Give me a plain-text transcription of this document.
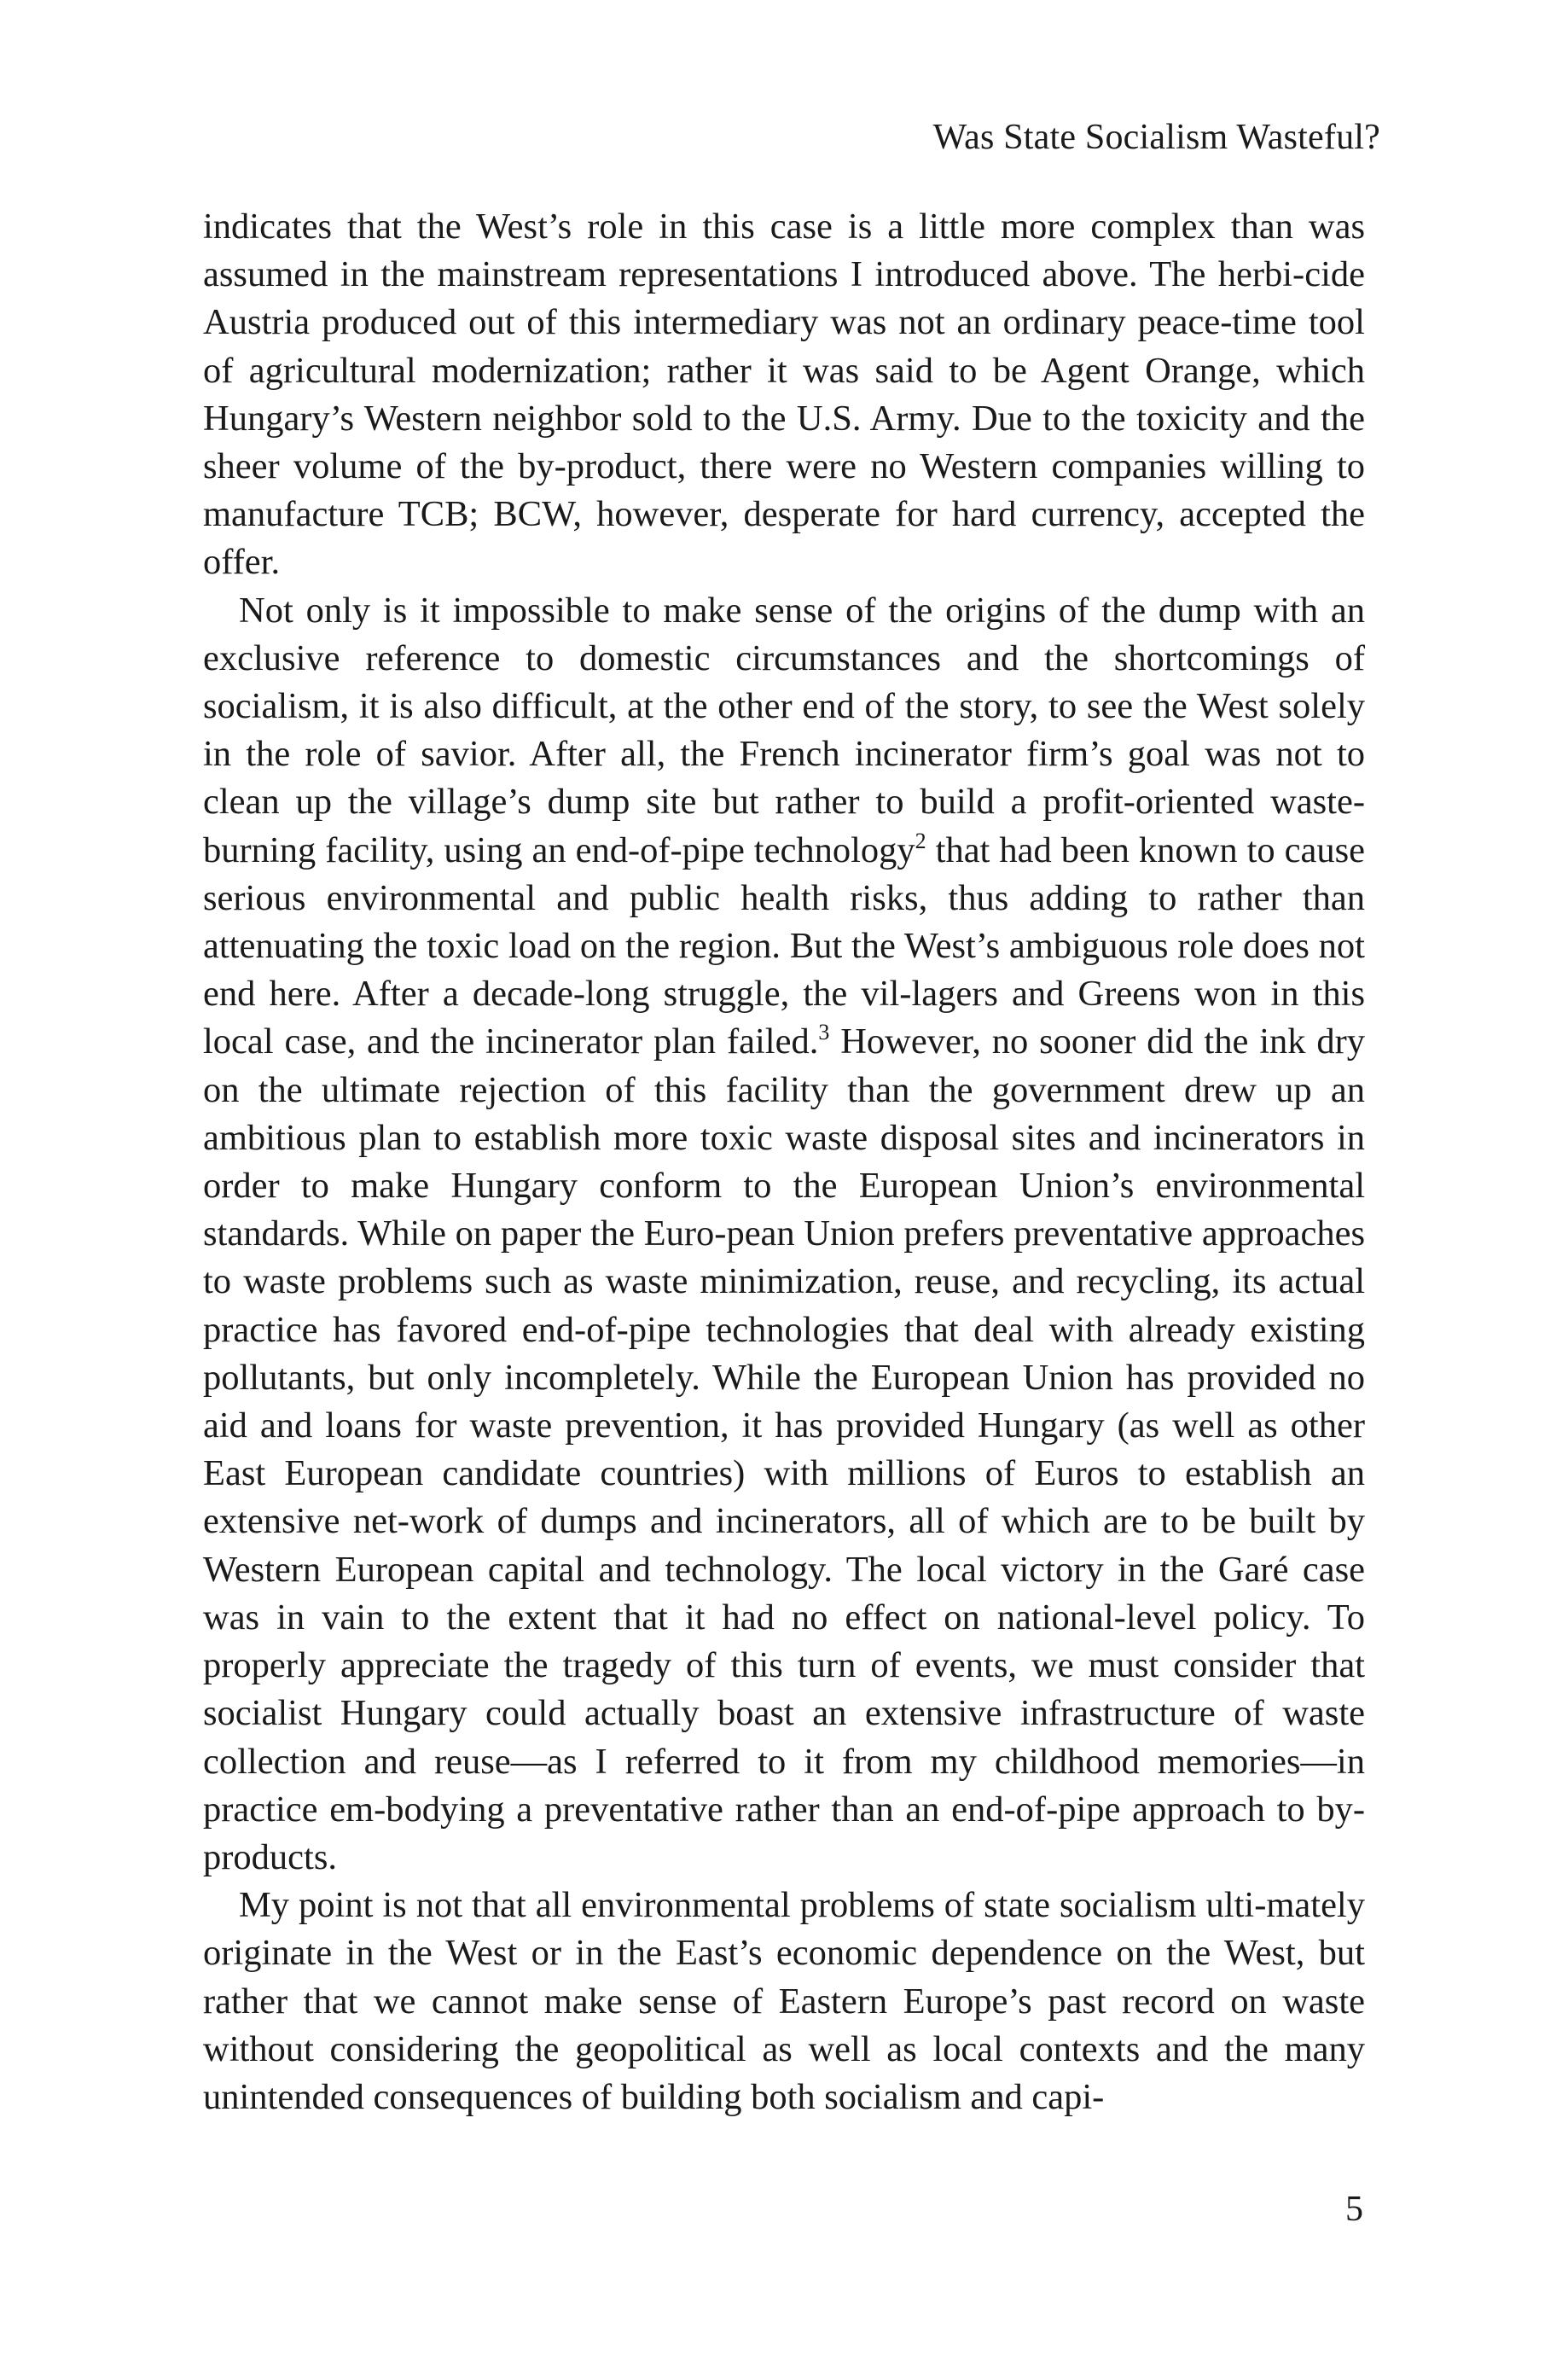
Was State Socialism Wasteful?

indicates that the West’s role in this case is a little more complex than was assumed in the mainstream representations I introduced above. The herbi-cide Austria produced out of this intermediary was not an ordinary peace-time tool of agricultural modernization; rather it was said to be Agent Orange, which Hungary’s Western neighbor sold to the U.S. Army. Due to the toxicity and the sheer volume of the by-product, there were no Western companies willing to manufacture TCB; BCW, however, desperate for hard currency, accepted the offer.

Not only is it impossible to make sense of the origins of the dump with an exclusive reference to domestic circumstances and the shortcomings of socialism, it is also difficult, at the other end of the story, to see the West solely in the role of savior. After all, the French incinerator firm’s goal was not to clean up the village’s dump site but rather to build a profit-oriented waste-burning facility, using an end-of-pipe technology$^2$ that had been known to cause serious environmental and public health risks, thus adding to rather than attenuating the toxic load on the region. But the West’s ambiguous role does not end here. After a decade-long struggle, the vil-lagers and Greens won in this local case, and the incinerator plan failed.$^3$ However, no sooner did the ink dry on the ultimate rejection of this facility than the government drew up an ambitious plan to establish more toxic waste disposal sites and incinerators in order to make Hungary conform to the European Union’s environmental standards. While on paper the Euro-pean Union prefers preventative approaches to waste problems such as waste minimization, reuse, and recycling, its actual practice has favored end-of-pipe technologies that deal with already existing pollutants, but only incompletely. While the European Union has provided no aid and loans for waste prevention, it has provided Hungary (as well as other East European candidate countries) with millions of Euros to establish an extensive net-work of dumps and incinerators, all of which are to be built by Western European capital and technology. The local victory in the Garé case was in vain to the extent that it had no effect on national-level policy. To properly appreciate the tragedy of this turn of events, we must consider that socialist Hungary could actually boast an extensive infrastructure of waste collection and reuse—as I referred to it from my childhood memories—in practice em-bodying a preventative rather than an end-of-pipe approach to by-products.

My point is not that all environmental problems of state socialism ulti-mately originate in the West or in the East’s economic dependence on the West, but rather that we cannot make sense of Eastern Europe’s past record on waste without considering the geopolitical as well as local contexts and the many unintended consequences of building both socialism and capi-

5
